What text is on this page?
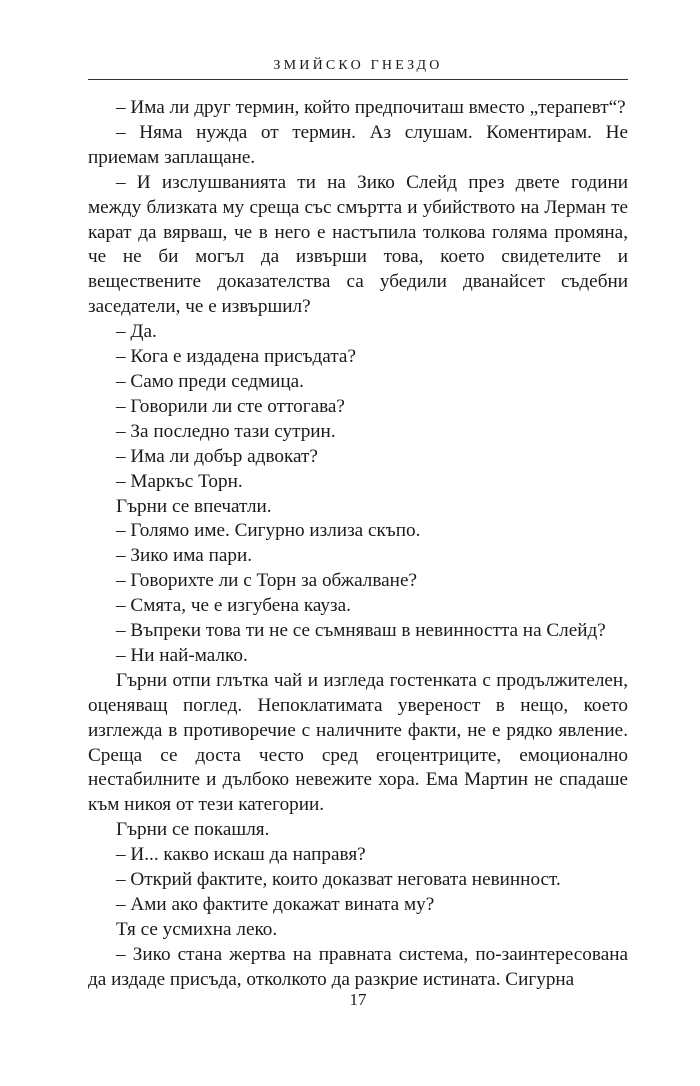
ЗМИЙСКО ГНЕЗДО

– Има ли друг термин, който предпочиташ вместо „терапевт“?

– Няма нужда от термин. Аз слушам. Коментирам. Не приемам заплащане.

– И изслушванията ти на Зико Слейд през двете години между близката му среща със смъртта и убийството на Лерман те карат да вярваш, че в него е настъпила толкова голяма промяна, че не би могъл да извърши това, което свидетелите и веществените доказателства са убедили дванайсет съдебни заседатели, че е извършил?

– Да.

– Кога е издадена присъдата?

– Само преди седмица.

– Говорили ли сте оттогава?

– За последно тази сутрин.

– Има ли добър адвокат?

– Маркъс Торн.

Гърни се впечатли.

– Голямо име. Сигурно излиза скъпо.

– Зико има пари.

– Говорихте ли с Торн за обжалване?

– Смята, че е изгубена кауза.

– Въпреки това ти не се съмняваш в невинността на Слейд?

– Ни най-малко.

Гърни отпи глътка чай и изгледа гостенката с продължителен, оценяващ поглед. Непоклатимата увереност в нещо, което изглежда в противоречие с наличните факти, не е рядко явление. Среща се доста често сред егоцентриците, емоционално нестабилните и дълбоко невежите хора. Ема Мартин не спадаше към никоя от тези категории.

Гърни се покашля.

– И... какво искаш да направя?

– Открий фактите, които доказват неговата невинност.

– Ами ако фактите докажат вината му?

Тя се усмихна леко.

– Зико стана жертва на правната система, по-заинтересована да издаде присъда, отколкото да разкрие истината. Сигурна

17
